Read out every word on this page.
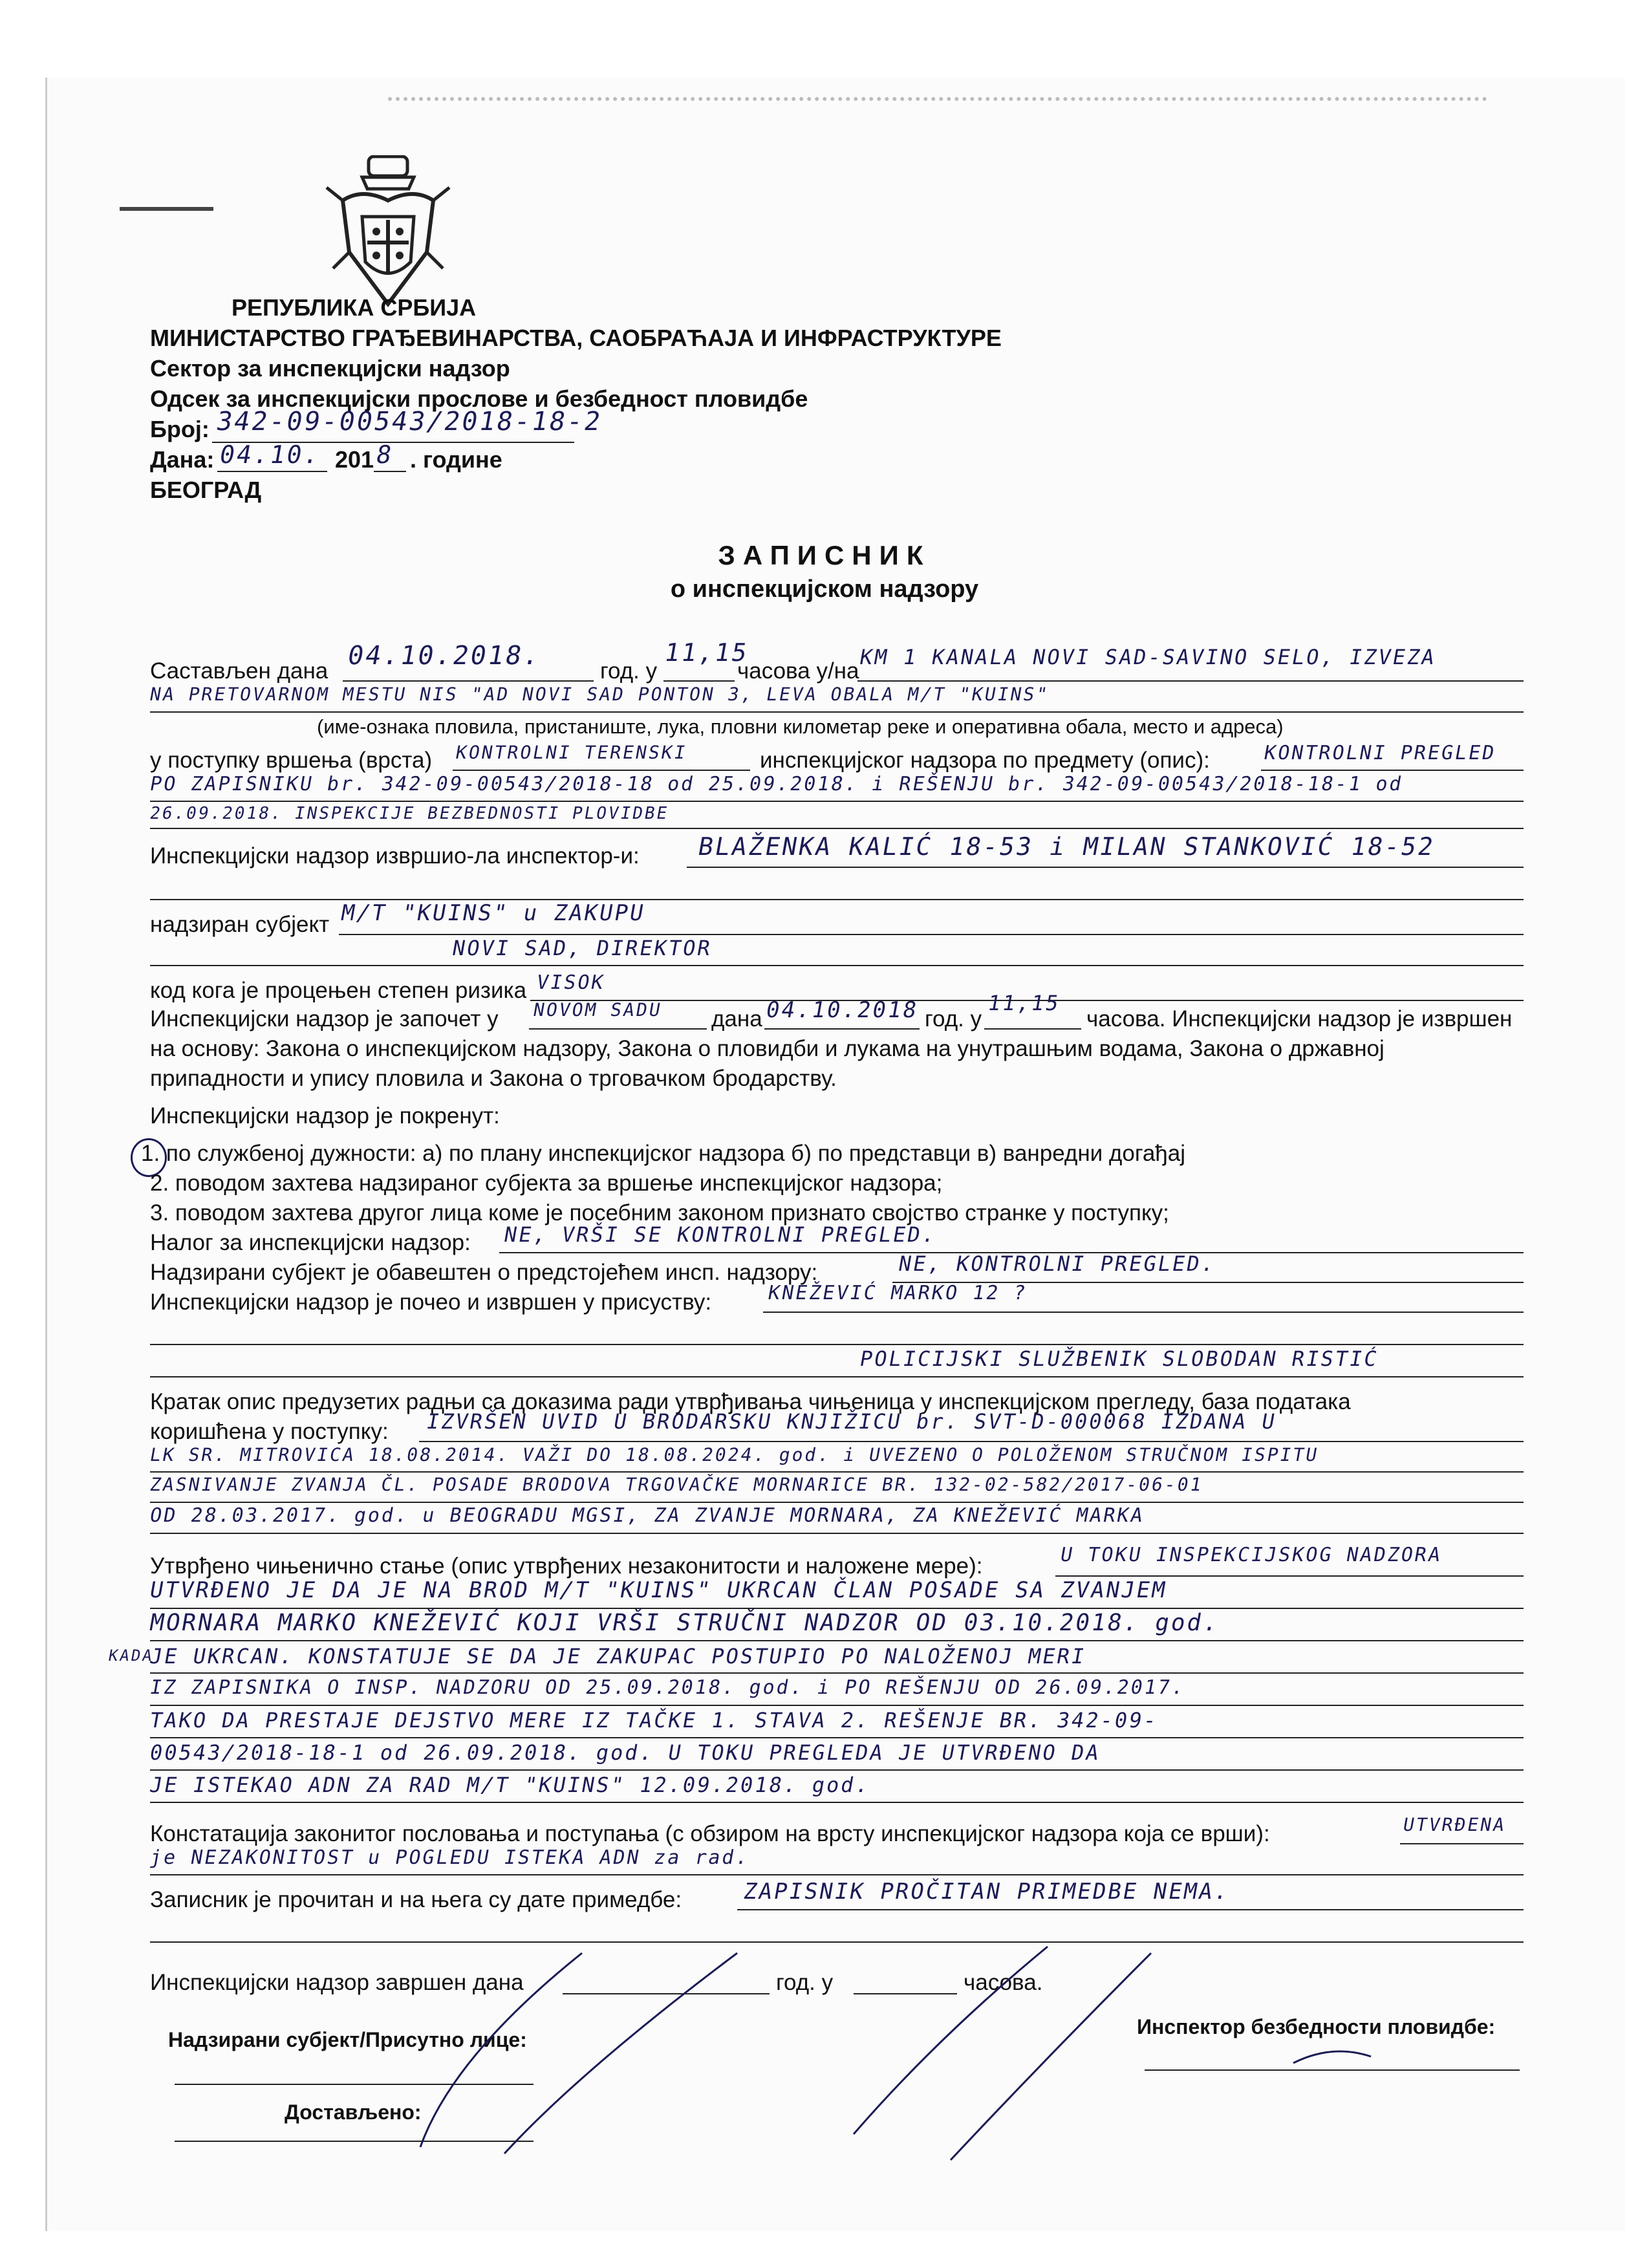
РЕПУБЛИКА СРБИЈА
МИНИСТАРСТВО ГРАЂЕВИНАРСТВА, САОБРАЋАЈА И ИНФРАСТРУКТУРЕ
Сектор за инспекцијски надзор
Одсек за инспекцијски прослове и безбедност пловидбе
Број: 342-09-00543/2018-18-2
Дана: 04.10. 201 8 . године
БЕОГРАД
ЗАПИСНИК
о инспекцијском надзору
Састављен дана
04.10.2018.
год. у
11,15
часова у/на
KM 1 KANALA NOVI SAD-SAVINO SELO, IZVEZA
NA PRETOVARNOM MESTU NIS "AD NOVI SAD PONTON 3, LEVA OBALA M/T "KUINS"
(име-ознака пловила, пристаниште, лука, пловни километар реке и оперативна обала, место и адреса)
у поступку вршења (врста) KONTROLNI TERENSKI	инспекцијског надзора по предмету (опис):	KONTROLNI PREGLED
PO ZAPISNIKU br. 342-09-00543/2018-18 od 25.09.2018. i REŠENJU br. 342-09-00543/2018-18-1 od
26.09.2018. INSPEKCIJE BEZBEDNOSTI PLOVIDBE
Инспекцијски надзор извршио-ла инспектор-и: BLAŽENKA KALIĆ 18-53 i MILAN STANKOVIĆ 18-52
надзиран субјект M/T "KUINS" u ZAKUPU
NOVI SAD, DIREKTOR
код кога је процењен степен ризика VISOK
Инспекцијски надзор је започет у NOVOM SADU дана 04.10.2018 год. у
11,15
часова. Инспекцијски надзор је извршен
на основу: Закона о инспекцијском надзору, Закона о пловидби и лукама на унутрашњим водама, Закона о државној
припадности и упису пловила и Закона о трговачком бродарству.
Инспекцијски надзор је покренут:
1. по службеној дужности: а) по плану инспекцијског надзора б) по представци в) ванредни догађај
2. поводом захтева надзираног субјекта за вршење инспекцијског надзора;
3. поводом захтева другог лица коме је посебним законом признато својство странке у поступку;
Налог за инспекцијски надзор: NE, VRŠI SE KONTROLNI PREGLED.
Надзирани субјект је обавештен о предстојећем инсп. надзору:	NE, KONTROLNI PREGLED.
Инспекцијски надзор је почео и извршен у присуству:	KNEŽEVIĆ MARKO 12 ?
POLICIJSKI SLUŽBENIK SLOBODAN RISTIĆ
Кратак опис предузетих радњи са доказима ради утврђивања чињеница у инспекцијском прегледу, база података
коришћена у поступку: IZVRŠEN UVID U BRODARSKU KNJIŽICU br. SVT-D-000068 IZDANA U
LK SR. MITROVICA 18.08.2014. VAŽI DO 18.08.2024. god. i UVEZENO O POLOŽENOM STRUČNOM ISPITU
ZASNIVANJE ZVANJA ČL. POSADE BRODOVA TRGOVAČKE MORNARICE BR. 132-02-582/2017-06-01
OD 28.03.2017. god. u BEOGRADU MGSI, ZA ZVANJE MORNARA, ZA KNEŽEVIĆ MARKA
Утврђено чињенично стање (опис утврђених незаконитости и наложене мере):	U TOKU INSPEKCIJSKOG NADZORA
UTVRĐENO JE DA JE NA BROD M/T "KUINS" UKRCAN ČLAN POSADE SA ZVANJEM
MORNARA MARKO KNEŽEVIĆ KOJI VRŠI STRUČNI NADZOR OD 03.10.2018. god.
KADA
JE UKRCAN. KONSTATUJE SE DA JE ZAKUPAC POSTUPIO PO NALOŽENOJ MERI
IZ ZAPISNIKA O INSP. NADZORU OD 25.09.2018. god. i PO REŠENJU OD 26.09.2017.
TAKO DA PRESTAJE DEJSTVO MERE IZ TAČKE 1. STAVA 2. REŠENJE BR. 342-09-
00543/2018-18-1 od 26.09.2018. god. U TOKU PREGLEDA JE UTVRĐENO DA
JE ISTEKAO ADN ZA RAD M/T "KUINS" 12.09.2018. god.
Констатација законитог пословања и поступања (с обзиром на врсту инспекцијског надзора која се врши):	UTVRĐENA
je NEZAKONITOST u POGLEDU ISTEKA ADN za rad.
Записник је прочитан и на њега су дате примедбе:	ZAPISNIK PROČITAN PRIMEDBE NEMA.
Инспекцијски надзор завршен дана	год. у	часова.
Надзирани субјект/Присутно лице:
Инспектор безбедности пловидбе:
Достављено:
